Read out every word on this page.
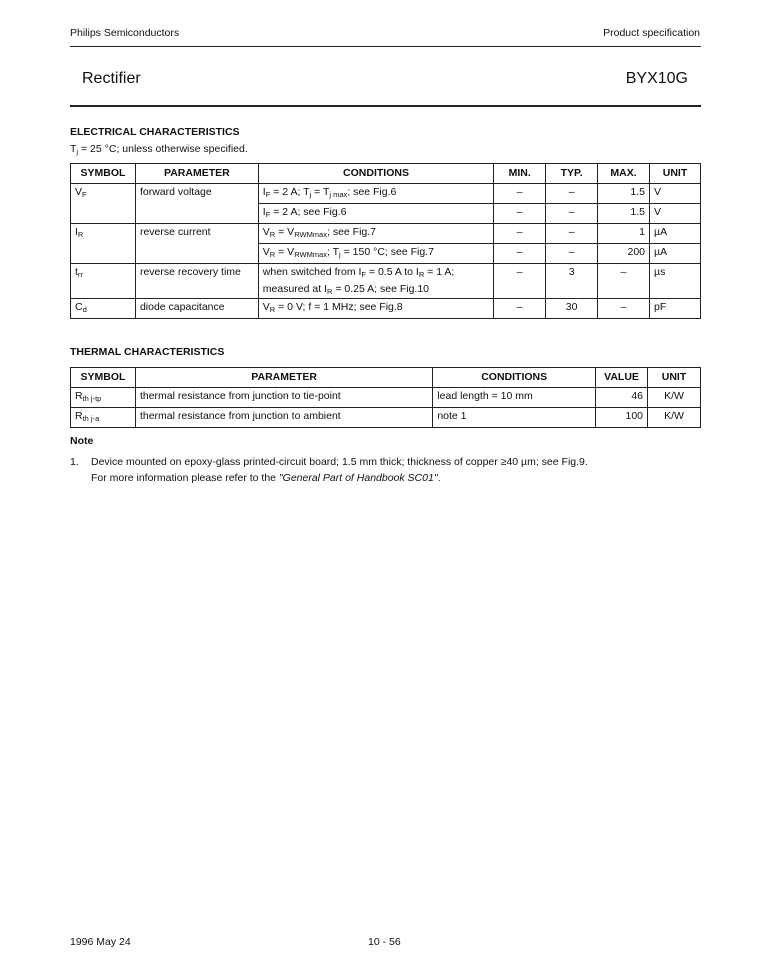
Philips Semiconductors	Product specification
Rectifier	BYX10G
ELECTRICAL CHARACTERISTICS
$T_j = 25$ °C; unless otherwise specified.
SYMBOL	PARAMETER	CONDITIONS	MIN.	TYP.	MAX.	UNIT
$V_F$	forward voltage	$I_F = 2$ A; $T_j = T_{j max}$; see Fig.6	–	–	1.5	V
		$I_F = 2$ A; see Fig.6	–	–	1.5	V
$I_R$	reverse current	$V_R = V_{RWMmax}$; see Fig.7	–	–	1	µA
		$V_R = V_{RWMmax}$; $T_j = 150$ °C; see Fig.7	–	–	200	µA
$t_{rr}$	reverse recovery time	when switched from $I_F = 0.5$ A to $I_R = 1$ A;
measured at $I_R = 0.25$ A; see Fig.10	–	3	–	µs
$C_d$	diode capacitance	$V_R = 0$ V; f = 1 MHz; see Fig.8	–	30	–	pF
THERMAL CHARACTERISTICS
SYMBOL	PARAMETER	CONDITIONS	VALUE	UNIT
$R_{th j-tp}$	thermal resistance from junction to tie-point	lead length = 10 mm	46	K/W
$R_{th j-a}$	thermal resistance from junction to ambient	note 1	100	K/W
Note
1. Device mounted on epoxy-glass printed-circuit board; 1.5 mm thick; thickness of copper ≥40 µm; see Fig.9.
For more information please refer to the "General Part of Handbook SC01".
1996 May 24	10 - 56
